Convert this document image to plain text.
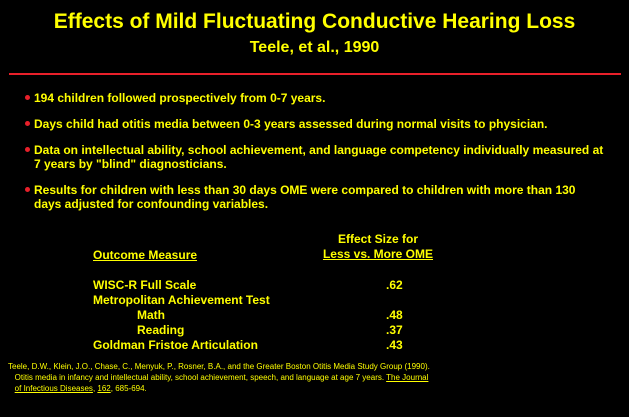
Effects of Mild Fluctuating Conductive Hearing Loss
Teele, et al., 1990
194 children followed prospectively from 0-7 years.
Days child had otitis media between 0-3 years assessed during normal visits to physician.
Data on intellectual ability, school achievement, and language competency individually measured at 7 years by "blind" diagnosticians.
Results for children with less than 30 days OME were compared to children with more than 130 days adjusted for confounding variables.
Outcome Measure
Effect Size for
Less vs. More OME
WISC-R Full Scale	.62
Metropolitan Achievement Test
Math	.48
Reading	.37
Goldman Fristoe Articulation	.43
Teele, D.W., Klein, J.O., Chase, C., Menyuk, P., Rosner, B.A., and the Greater Boston Otitis Media Study Group (1990).
Otitis media in infancy and intellectual ability, school achievement, speech, and language at age 7 years. The Journal
of Infectious Diseases, 162, 685-694.
